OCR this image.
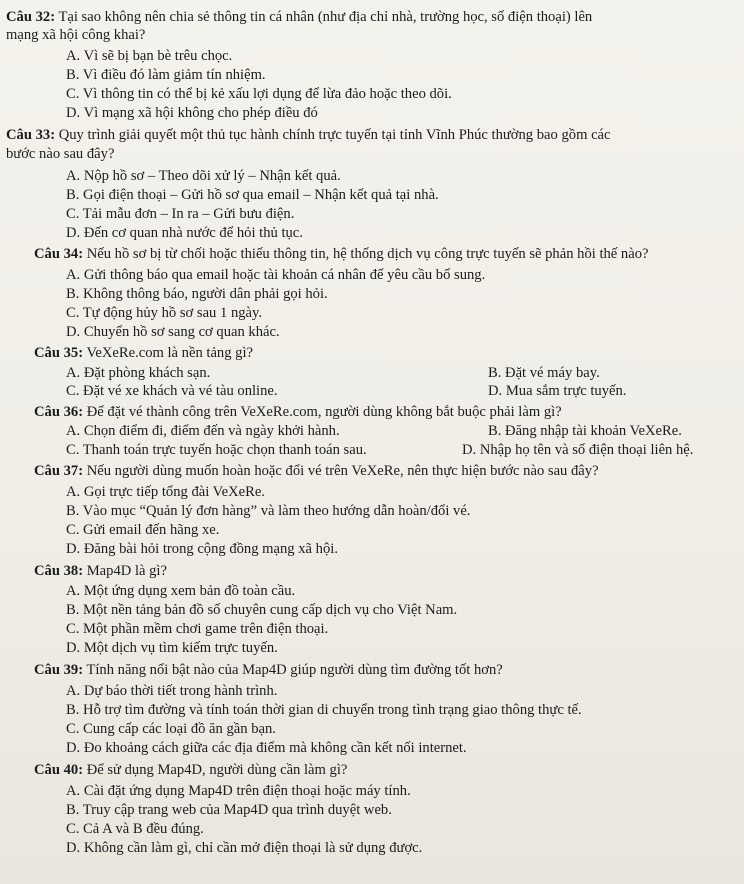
Câu 32: Tại sao không nên chia sẻ thông tin cá nhân (như địa chỉ nhà, trường học, số điện thoại) lên
mạng xã hội công khai?
A. Vì sẽ bị bạn bè trêu chọc.
B. Vì điều đó làm giảm tín nhiệm.
C. Vì thông tin có thể bị kẻ xấu lợi dụng để lừa đảo hoặc theo dõi.
D. Vì mạng xã hội không cho phép điều đó
Câu 33: Quy trình giải quyết một thủ tục hành chính trực tuyến tại tỉnh Vĩnh Phúc thường bao gồm các
bước nào sau đây?
A. Nộp hồ sơ – Theo dõi xử lý – Nhận kết quả.
B. Gọi điện thoại – Gửi hồ sơ qua email – Nhận kết quả tại nhà.
C. Tải mẫu đơn – In ra – Gửi bưu điện.
D. Đến cơ quan nhà nước để hỏi thủ tục.
Câu 34: Nếu hồ sơ bị từ chối hoặc thiếu thông tin, hệ thống dịch vụ công trực tuyến sẽ phản hồi thế nào?
A. Gửi thông báo qua email hoặc tài khoản cá nhân để yêu cầu bổ sung.
B. Không thông báo, người dân phải gọi hỏi.
C. Tự động hủy hồ sơ sau 1 ngày.
D. Chuyển hồ sơ sang cơ quan khác.
Câu 35: VeXeRe.com là nền tảng gì?
A. Đặt phòng khách sạn.	B. Đặt vé máy bay.
C. Đặt vé xe khách và vé tàu online.	D. Mua sắm trực tuyến.
Câu 36: Để đặt vé thành công trên VeXeRe.com, người dùng không bắt buộc phải làm gì?
A. Chọn điểm đi, điểm đến và ngày khởi hành.	B. Đăng nhập tài khoản VeXeRe.
C. Thanh toán trực tuyến hoặc chọn thanh toán sau.	D. Nhập họ tên và số điện thoại liên hệ.
Câu 37: Nếu người dùng muốn hoàn hoặc đổi vé trên VeXeRe, nên thực hiện bước nào sau đây?
A. Gọi trực tiếp tổng đài VeXeRe.
B. Vào mục “Quản lý đơn hàng” và làm theo hướng dẫn hoàn/đổi vé.
C. Gửi email đến hãng xe.
D. Đăng bài hỏi trong cộng đồng mạng xã hội.
Câu 38: Map4D là gì?
A. Một ứng dụng xem bản đồ toàn cầu.
B. Một nền tảng bản đồ số chuyên cung cấp dịch vụ cho Việt Nam.
C. Một phần mềm chơi game trên điện thoại.
D. Một dịch vụ tìm kiếm trực tuyến.
Câu 39: Tính năng nổi bật nào của Map4D giúp người dùng tìm đường tốt hơn?
A. Dự báo thời tiết trong hành trình.
B. Hỗ trợ tìm đường và tính toán thời gian di chuyển trong tình trạng giao thông thực tế.
C. Cung cấp các loại đồ ăn gần bạn.
D. Đo khoảng cách giữa các địa điểm mà không cần kết nối internet.
Câu 40: Để sử dụng Map4D, người dùng cần làm gì?
A. Cài đặt ứng dụng Map4D trên điện thoại hoặc máy tính.
B. Truy cập trang web của Map4D qua trình duyệt web.
C. Cả A và B đều đúng.
D. Không cần làm gì, chỉ cần mở điện thoại là sử dụng được.
